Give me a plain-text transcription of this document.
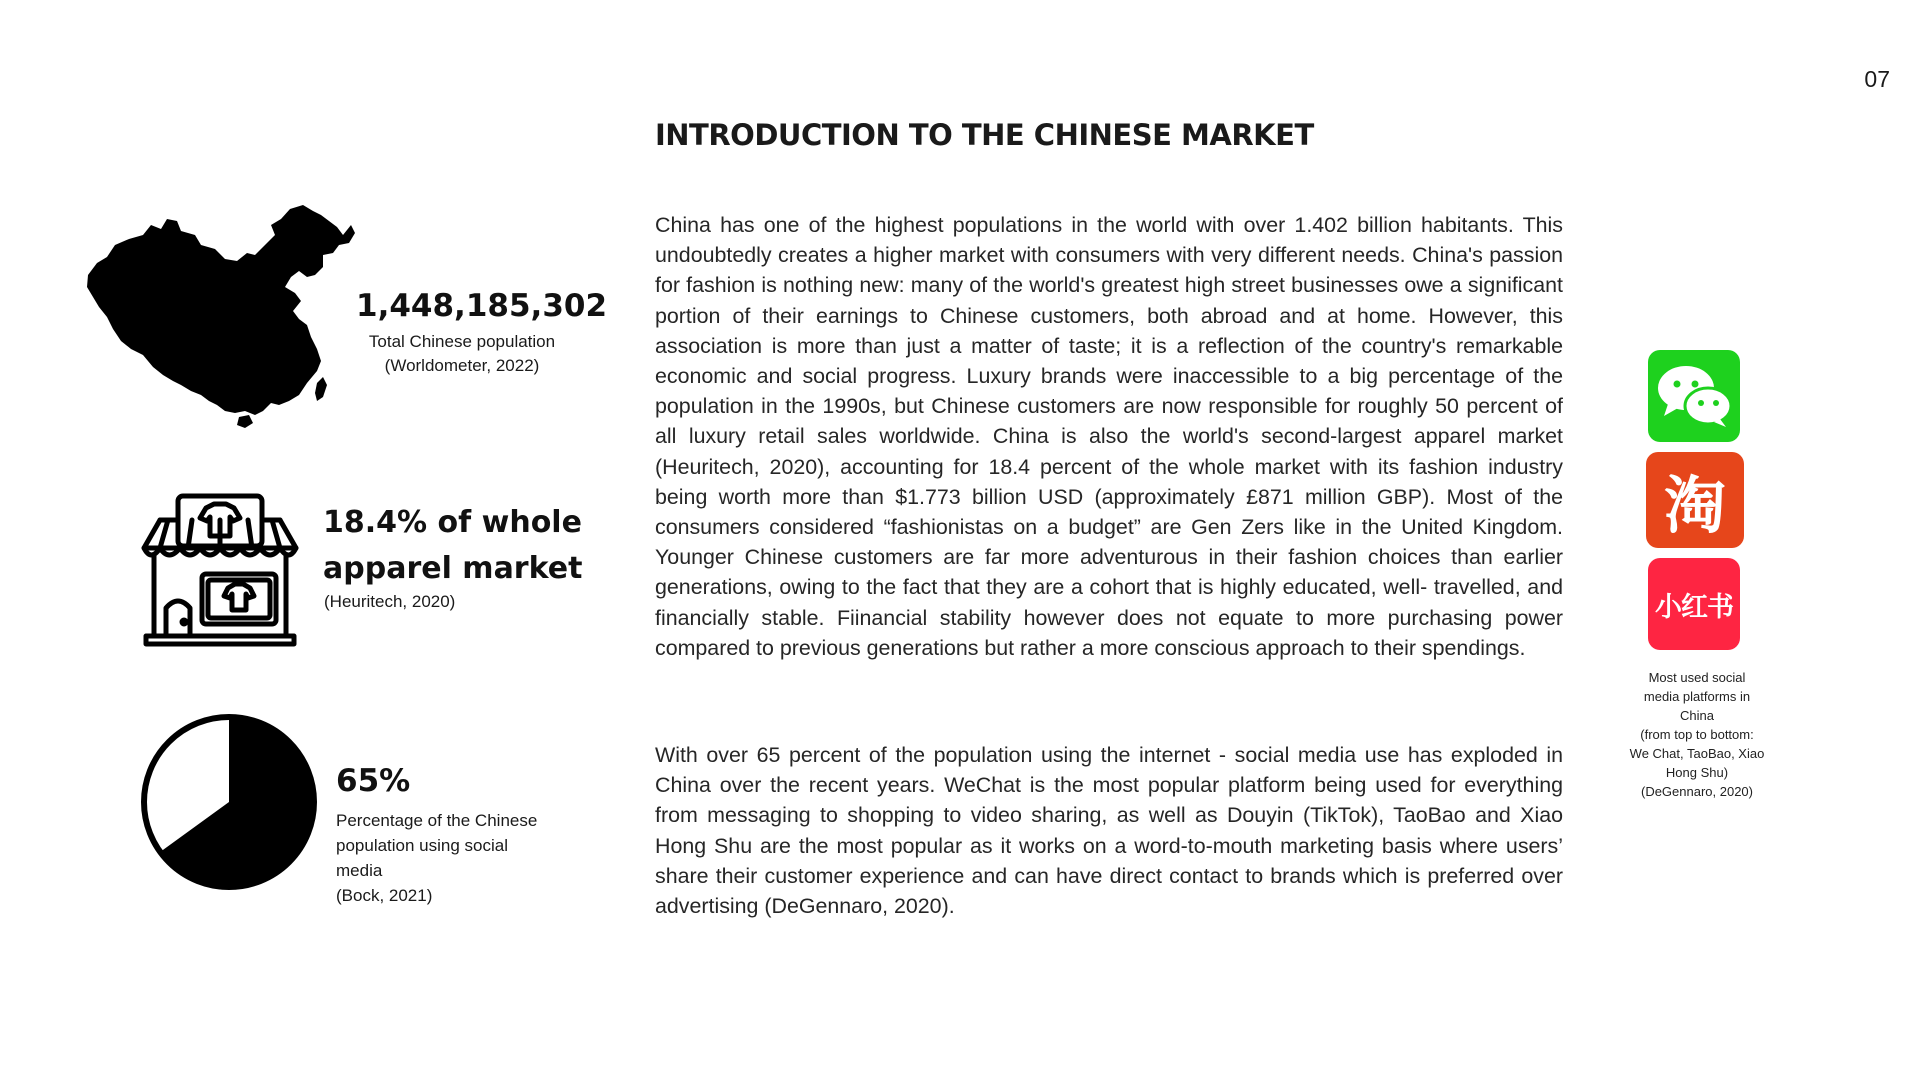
07
INTRODUCTION TO THE CHINESE MARKET
China has one of the highest populations in the world with over 1.402 billion habitants. This undoubtedly creates a higher market with consumers with very different needs. China's passion for fashion is nothing new: many of the world's greatest high street businesses owe a significant portion of their earnings to Chinese customers, both abroad and at home. However, this association is more than just a matter of taste; it is a reflection of the country's remarkable economic and social progress. Luxury brands were inaccessible to a big percentage of the population in the 1990s, but Chinese customers are now responsible for roughly 50 percent of all luxury retail sales worldwide. China is also the world's second-largest apparel market (Heuritech, 2020), accounting for 18.4 percent of the whole market with its fashion industry being worth more than $1.773 billion USD (approximately £871 million GBP). Most of the consumers considered “fashionistas on a budget” are Gen Zers like in the United Kingdom. Younger Chinese customers are far more adventurous in their fashion choices than earlier generations, owing to the fact that they are a cohort that is highly educated, well- travelled, and financially stable. Fiinancial stability however does not equate to more purchasing power compared to previous generations but rather a more conscious approach to their spendings.
With over 65 percent of the population using the internet - social media use has exploded in China over the recent years. WeChat is the most popular platform being used for everything from messaging to shopping to video sharing, as well as Douyin (TikTok), TaoBao and Xiao Hong Shu are the most popular as it works on a word-to-mouth marketing basis where users’ share their customer experience and can have direct contact to brands which is preferred over advertising (DeGennaro, 2020).
1,448,185,302
Total Chinese population
(Worldometer, 2022)
18.4% of whole
apparel market
(Heuritech, 2020)
65%
Percentage of the Chinese
population using social
media
(Bock, 2021)
淘
小红书
Most used social
media platforms in
China
(from top to bottom:
We Chat, TaoBao, Xiao
Hong Shu)
(DeGennaro, 2020)
